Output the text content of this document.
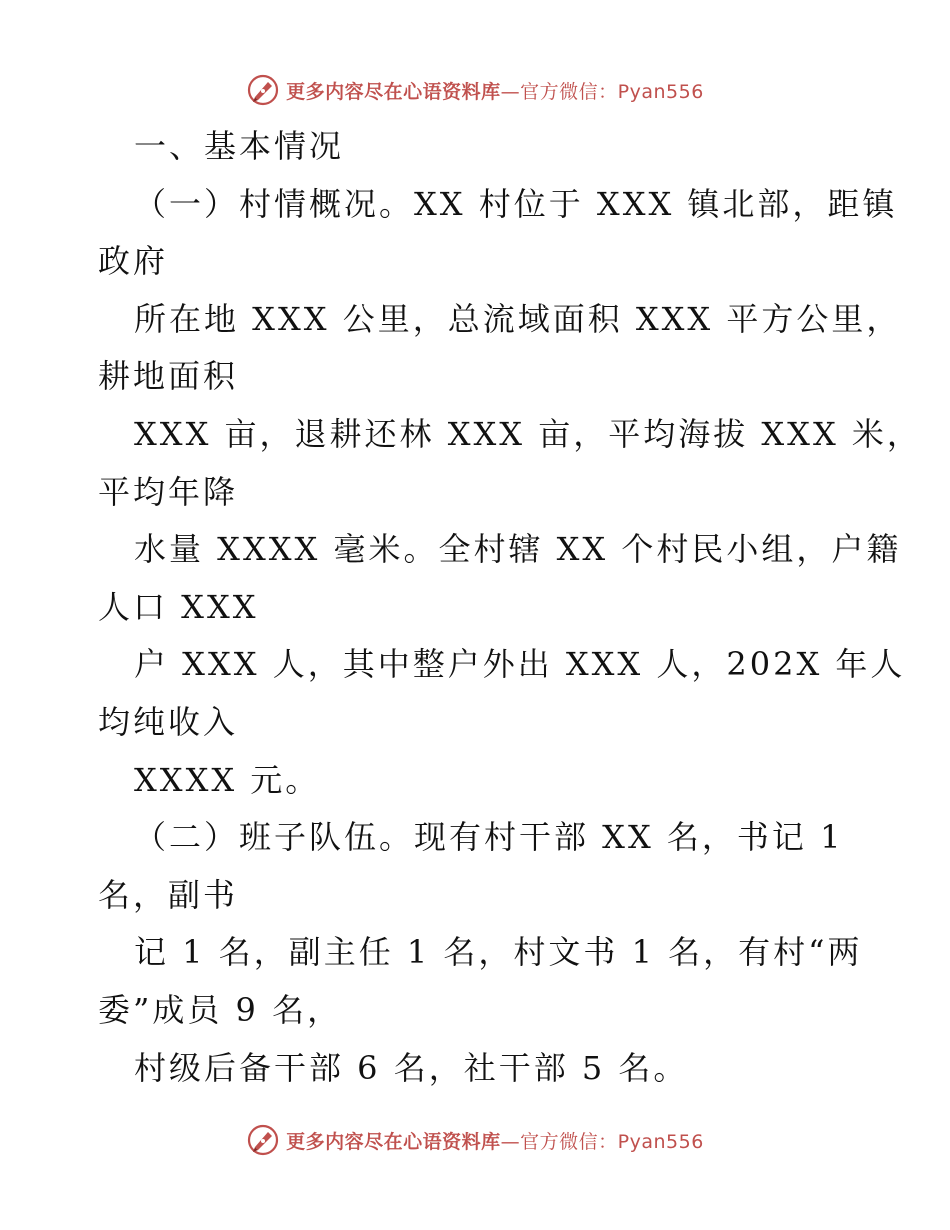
更多内容尽在心语资料库—官方微信：Pyan556
一、基本情况
（一）村情概况。XX 村位于 XXX 镇北部，距镇
政府
所在地 XXX 公里，总流域面积 XXX 平方公里，
耕地面积
XXX 亩，退耕还林 XXX 亩，平均海拔 XXX 米，
平均年降
水量 XXXX 毫米。全村辖 XX 个村民小组，户籍
人口 XXX
户 XXX 人，其中整户外出 XXX 人，202X 年人
均纯收入
XXXX 元。
（二）班子队伍。现有村干部 XX 名，书记 1
名，副书
记 1 名，副主任 1 名，村文书 1 名，有村“两
委”成员 9 名，
村级后备干部 6 名，社干部 5 名。
更多内容尽在心语资料库—官方微信：Pyan556
